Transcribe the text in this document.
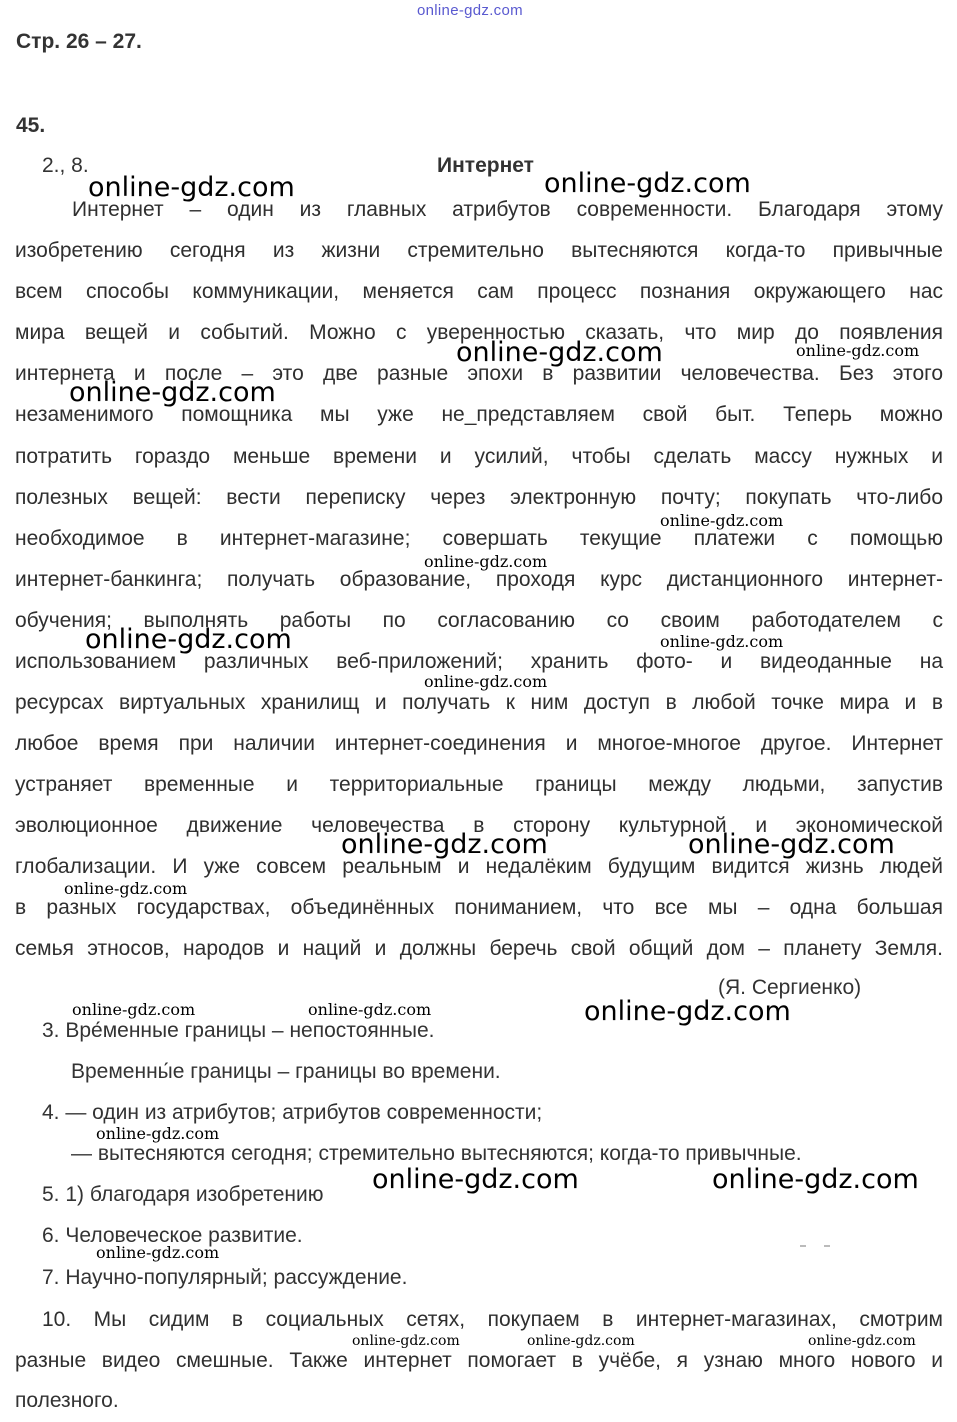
online-gdz.com
Стр. 26 – 27.
45.
2., 8.	Интернет
Интернет – один из главных атрибутов современности. Благодаря этому
изобретению сегодня из жизни стремительно вытесняются когда-то привычные
всем способы коммуникации, меняется сам процесс познания окружающего нас
мира вещей и событий. Можно с уверенностью сказать, что мир до появления
интернета и после – это две разные эпохи в развитии человечества. Без этого
незаменимого помощника мы уже не_представляем свой быт. Теперь можно
потратить гораздо меньше времени и усилий, чтобы сделать массу нужных и
полезных вещей: вести переписку через электронную почту; покупать что-либо
необходимое в интернет-магазине; совершать текущие платежи с помощью
интернет-банкинга; получать образование, проходя курс дистанционного интернет-
обучения; выполнять работы по согласованию со своим работодателем с
использованием различных веб-приложений; хранить фото- и видеоданные на
ресурсах виртуальных хранилищ и получать к ним доступ в любой точке мира и в
любое время при наличии интернет-соединения и многое-многое другое. Интернет
устраняет временные и территориальные границы между людьми, запустив
эволюционное движение человечества в сторону культурной и экономической
глобализации. И уже совсем реальным и недалёким будущим видится жизнь людей
в разных государствах, объединённых пониманием, что все мы – одна большая
семья этносов, народов и наций и должны беречь свой общий дом – планету Земля.
(Я. Сергиенко)
3. Вре́менные границы – непостоянные.
Временны́е границы – границы во времени.
4. — один из атрибутов; атрибутов современности;
— вытесняются сегодня; стремительно вытесняются; когда-то привычные.
5. 1) благодаря изобретению
6. Человеческое развитие.
7. Научно-популярный; рассуждение.
10. Мы сидим в социальных сетях, покупаем в интернет-магазинах, смотрим
разные видео смешные. Также интернет помогает в учёбе, я узнаю много нового и
полезного.
online-gdz.com	online-gdz.com
online-gdz.com
online-gdz.com
online-gdz.com
online-gdz.com	online-gdz.com
online-gdz.com
online-gdz.com	online-gdz.com
online-gdz.com
online-gdz.com
online-gdz.com
online-gdz.com
online-gdz.com
online-gdz.com
online-gdz.com	online-gdz.com
online-gdz.com
online-gdz.com
online-gdz.com	online-gdz.com	online-gdz.com
